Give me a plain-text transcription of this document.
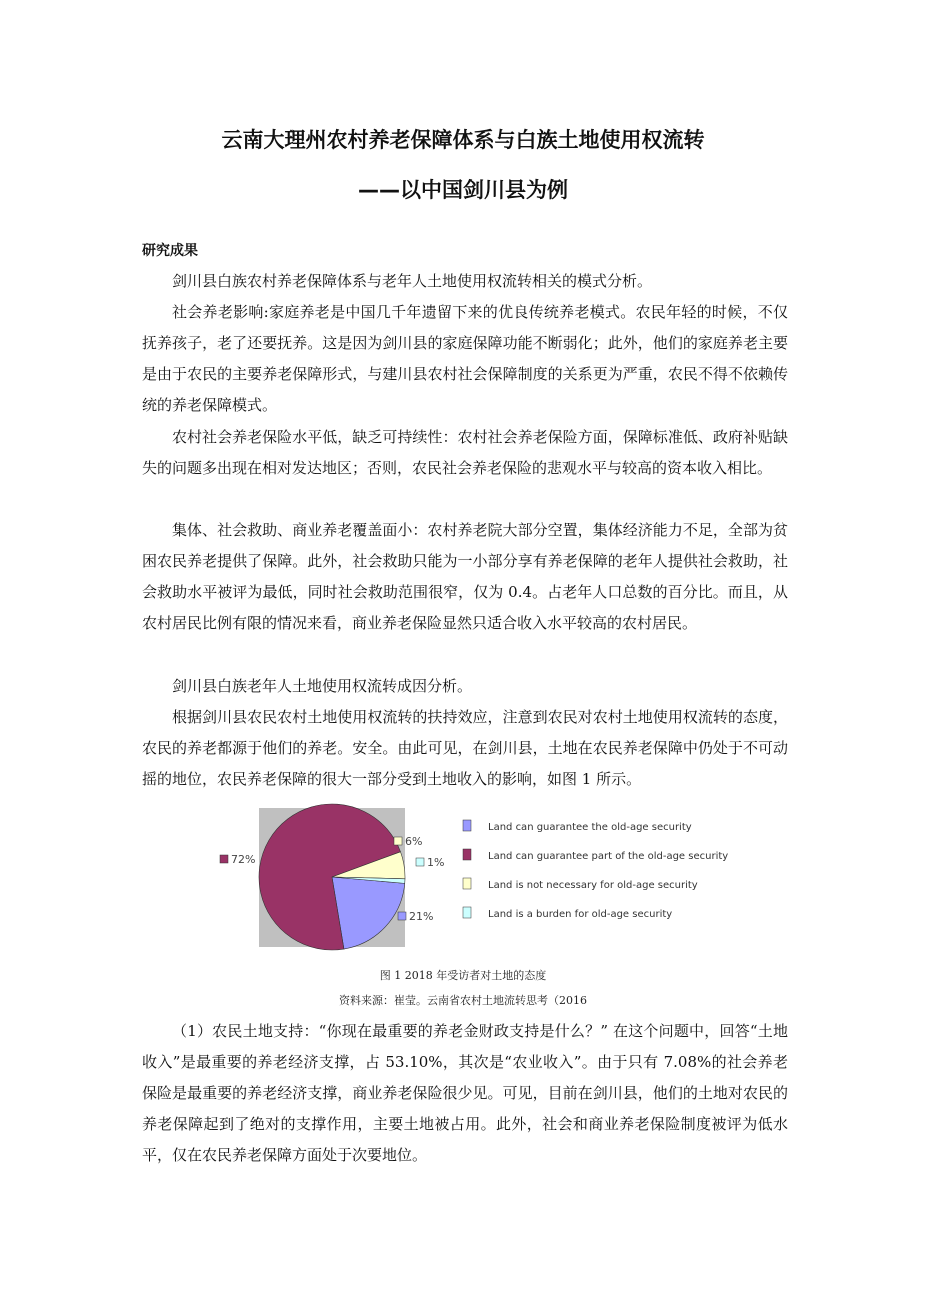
云南大理州农村养老保障体系与白族土地使用权流转
——以中国剑川县为例
研究成果

剑川县白族农村养老保障体系与老年人土地使用权流转相关的模式分析。

社会养老影响:家庭养老是中国几千年遗留下来的优良传统养老模式。农民年轻的时候，不仅抚养孩子，老了还要抚养。这是因为剑川县的家庭保障功能不断弱化；此外，他们的家庭养老主要是由于农民的主要养老保障形式，与建川县农村社会保障制度的关系更为严重，农民不得不依赖传统的养老保障模式。

农村社会养老保险水平低，缺乏可持续性：农村社会养老保险方面，保障标准低、政府补贴缺失的问题多出现在相对发达地区；否则，农民社会养老保险的悲观水平与较高的资本收入相比。

集体、社会救助、商业养老覆盖面小：农村养老院大部分空置，集体经济能力不足，全部为贫困农民养老提供了保障。此外，社会救助只能为一小部分享有养老保障的老年人提供社会救助，社会救助水平被评为最低，同时社会救助范围很窄，仅为 0.4。占老年人口总数的百分比。而且，从农村居民比例有限的情况来看，商业养老保险显然只适合收入水平较高的农村居民。

剑川县白族老年人土地使用权流转成因分析。

根据剑川县农民农村土地使用权流转的扶持效应，注意到农民对农村土地使用权流转的态度，农民的养老都源于他们的养老。安全。由此可见，在剑川县，土地在农民养老保障中仍处于不可动摇的地位，农民养老保障的很大一部分受到土地收入的影响，如图 1 所示。

21%
72%
6%
1%
Land can guarantee the old-age security
Land can guarantee part of the old-age security
Land is not necessary for old-age security
Land is a burden for old-age security
图 1 2018 年受访者对土地的态度
资料来源：崔莹。云南省农村土地流转思考（2016

（1）农民土地支持：“你现在最重要的养老金财政支持是什么？” 在这个问题中，回答“土地收入”是最重要的养老经济支撑，占 53.10%，其次是“农业收入”。由于只有 7.08%的社会养老保险是最重要的养老经济支撑，商业养老保险很少见。可见，目前在剑川县，他们的土地对农民的养老保障起到了绝对的支撑作用，主要土地被占用。此外，社会和商业养老保险制度被评为低水平，仅在农民养老保障方面处于次要地位。
